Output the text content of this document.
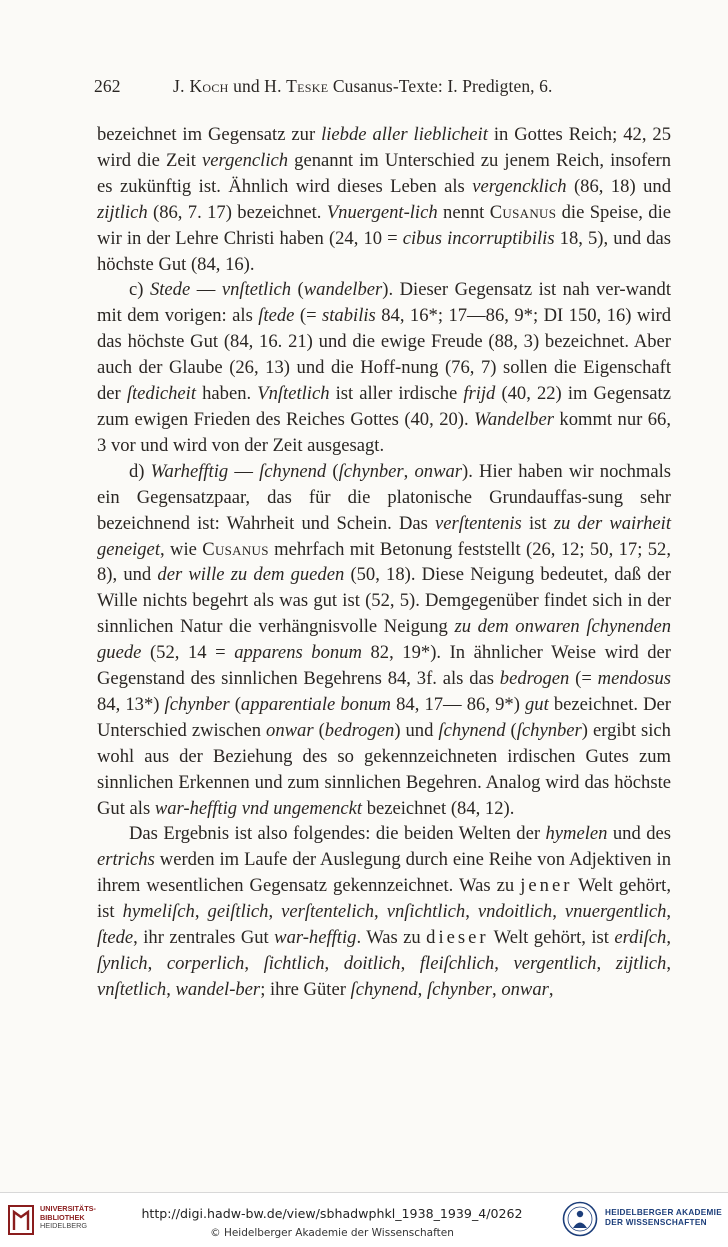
262	J. Koch und H. Teske Cusanus-Texte: I. Predigten, 6.

bezeichnet im Gegensatz zur liebde aller lieblicheit in Gottes Reich; 42, 25 wird die Zeit vergenclich genannt im Unterschied zu jenem Reich, insofern es zukünftig ist. Ähnlich wird dieses Leben als vergencklich (86, 18) und zijtlich (86, 7. 17) bezeichnet. Vnuergent-lich nennt Cusanus die Speise, die wir in der Lehre Christi haben (24, 10 = cibus incorruptibilis 18, 5), und das höchste Gut (84, 16).

c) Stede — vnſtetlich (wandelber). Dieser Gegensatz ist nah ver-wandt mit dem vorigen: als ſtede (= stabilis 84, 16*; 17—86, 9*; DI 150, 16) wird das höchste Gut (84, 16. 21) und die ewige Freude (88, 3) bezeichnet. Aber auch der Glaube (26, 13) und die Hoff-nung (76, 7) sollen die Eigenschaft der ſtedicheit haben. Vnſtetlich ist aller irdische frijd (40, 22) im Gegensatz zum ewigen Frieden des Reiches Gottes (40, 20). Wandelber kommt nur 66, 3 vor und wird von der Zeit ausgesagt.

d) Warhefftig — ſchynend (ſchynber, onwar). Hier haben wir nochmals ein Gegensatzpaar, das für die platonische Grundauffas-sung sehr bezeichnend ist: Wahrheit und Schein. Das verſtentenis ist zu der wairheit geneiget, wie Cusanus mehrfach mit Betonung feststellt (26, 12; 50, 17; 52, 8), und der wille zu dem gueden (50, 18). Diese Neigung bedeutet, daß der Wille nichts begehrt als was gut ist (52, 5). Demgegenüber findet sich in der sinnlichen Natur die verhängnisvolle Neigung zu dem onwaren ſchynenden guede (52, 14 = apparens bonum 82, 19*). In ähnlicher Weise wird der Gegenstand des sinnlichen Begehrens 84, 3f. als das bedrogen (= mendosus 84, 13*) ſchynber (apparentiale bonum 84, 17— 86, 9*) gut bezeichnet. Der Unterschied zwischen onwar (bedrogen) und ſchynend (ſchynber) ergibt sich wohl aus der Beziehung des so gekennzeichneten irdischen Gutes zum sinnlichen Erkennen und zum sinnlichen Begehren. Analog wird das höchste Gut als war-hefftig vnd ungemenckt bezeichnet (84, 12).

Das Ergebnis ist also folgendes: die beiden Welten der hymelen und des ertrichs werden im Laufe der Auslegung durch eine Reihe von Adjektiven in ihrem wesentlichen Gegensatz gekennzeichnet. Was zu jener Welt gehört, ist hymeliſch, geiſtlich, verſtentelich, vnſichtlich, vndoitlich, vnuergentlich, ſtede, ihr zentrales Gut war-hefftig. Was zu dieser Welt gehört, ist erdiſch, ſynlich, corperlich, ſichtlich, doitlich, fleiſchlich, vergentlich, zijtlich, vnſtetlich, wandel-ber; ihre Güter ſchynend, ſchynber, onwar,

UNIVERSITÄTS-
BIBLIOTHEK
HEIDELBERG
http://digi.hadw-bw.de/view/sbhadwphkl_1938_1939_4/0262
© Heidelberger Akademie der Wissenschaften
HEIDELBERGER AKADEMIE
DER WISSENSCHAFTEN
